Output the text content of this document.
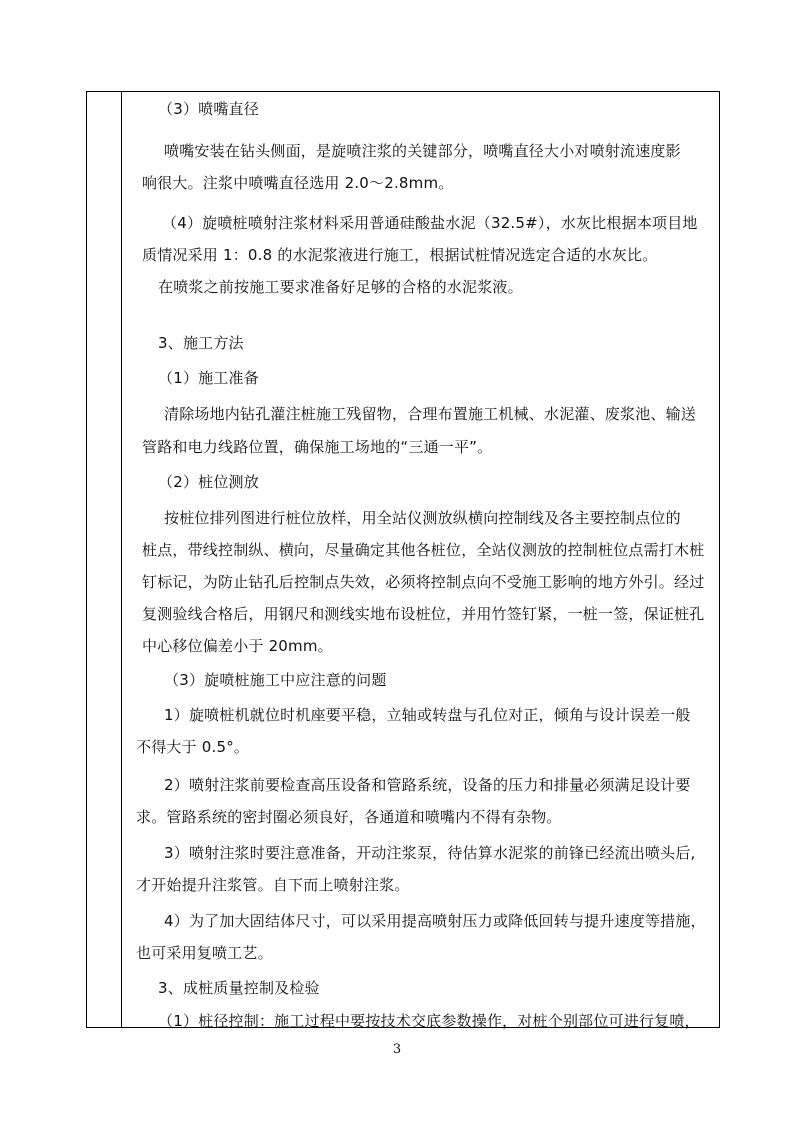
（3）喷嘴直径
喷嘴安装在钻头侧面，是旋喷注浆的关键部分，喷嘴直径大小对喷射流速度影
响很大。注浆中喷嘴直径选用 2.0～2.8mm。
（4）旋喷桩喷射注浆材料采用普通硅酸盐水泥（32.5#），水灰比根据本项目地
质情况采用 1：0.8 的水泥浆液进行施工，根据试桩情况选定合适的水灰比。
在喷浆之前按施工要求准备好足够的合格的水泥浆液。
3、施工方法
（1）施工准备
清除场地内钻孔灌注桩施工残留物，合理布置施工机械、水泥灌、废浆池、输送
管路和电力线路位置，确保施工场地的“三通一平”。
（2）桩位测放
按桩位排列图进行桩位放样，用全站仪测放纵横向控制线及各主要控制点位的
桩点，带线控制纵、横向，尽量确定其他各桩位，全站仪测放的控制桩位点需打木桩
钉标记，为防止钻孔后控制点失效，必须将控制点向不受施工影响的地方外引。经过
复测验线合格后，用钢尺和测线实地布设桩位，并用竹签钉紧，一桩一签，保证桩孔
中心移位偏差小于 20mm。
（3）旋喷桩施工中应注意的问题
1）旋喷桩机就位时机座要平稳，立轴或转盘与孔位对正，倾角与设计误差一般
不得大于 0.5°。
2）喷射注浆前要检查高压设备和管路系统，设备的压力和排量必须满足设计要
求。管路系统的密封圈必须良好，各通道和喷嘴内不得有杂物。
3）喷射注浆时要注意准备，开动注浆泵，待估算水泥浆的前锋已经流出喷头后,
才开始提升注浆管。自下而上喷射注浆。
4）为了加大固结体尺寸，可以采用提高喷射压力或降低回转与提升速度等措施，
也可采用复喷工艺。
3、成桩质量控制及检验
（1）桩径控制：施工过程中要按技术交底参数操作，对桩个别部位可进行复喷，
3
